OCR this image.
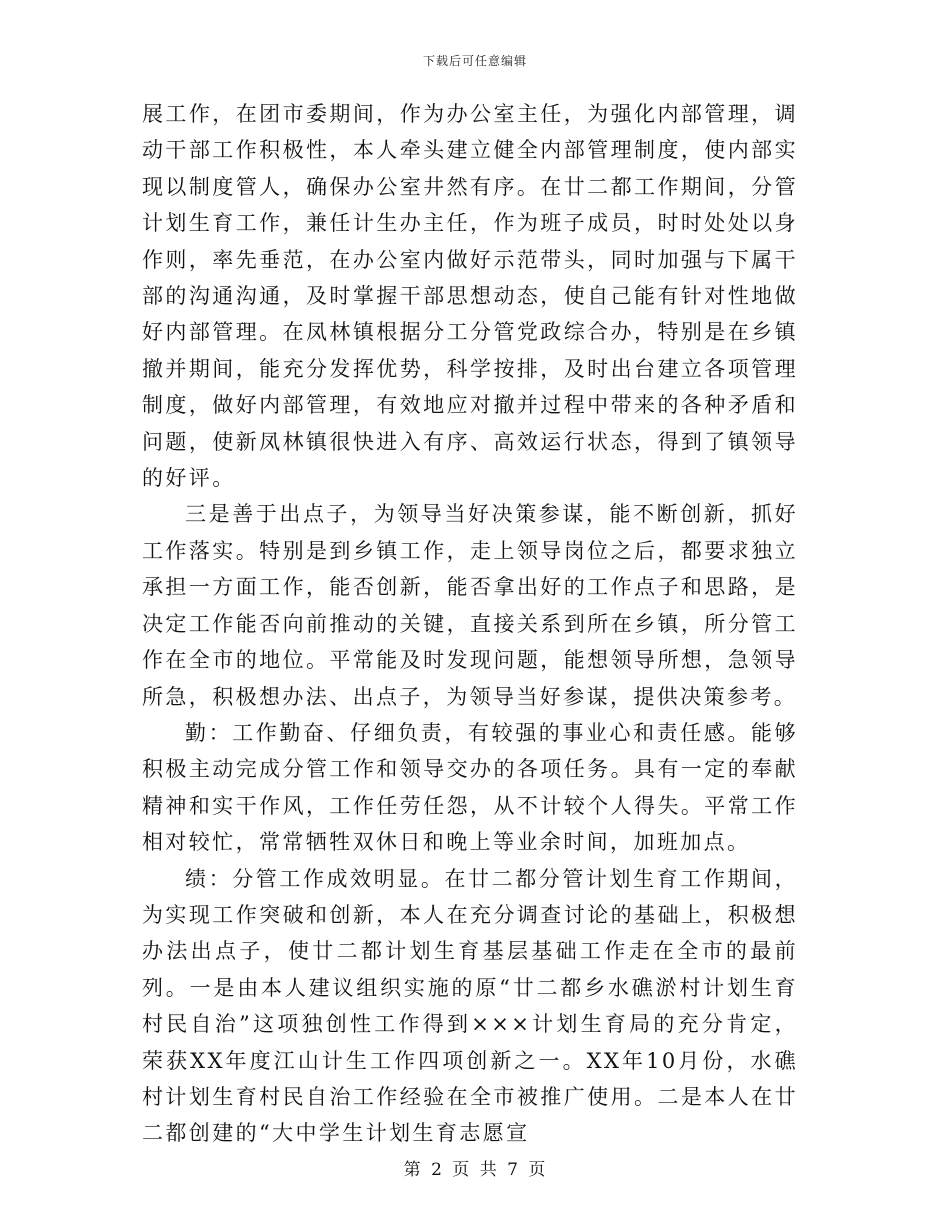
下载后可任意编辑

展工作，在团市委期间，作为办公室主任，为强化内部管理，调动干部工作积极性，本人牵头建立健全内部管理制度，使内部实现以制度管人，确保办公室井然有序。在廿二都工作期间，分管计划生育工作，兼任计生办主任，作为班子成员，时时处处以身作则，率先垂范，在办公室内做好示范带头，同时加强与下属干部的沟通沟通，及时掌握干部思想动态，使自己能有针对性地做好内部管理。在凤林镇根据分工分管党政综合办，特别是在乡镇撤并期间，能充分发挥优势，科学按排，及时出台建立各项管理制度，做好内部管理，有效地应对撤并过程中带来的各种矛盾和问题，使新凤林镇很快进入有序、高效运行状态，得到了镇领导的好评。

三是善于出点子，为领导当好决策参谋，能不断创新，抓好工作落实。特别是到乡镇工作，走上领导岗位之后，都要求独立承担一方面工作，能否创新，能否拿出好的工作点子和思路，是决定工作能否向前推动的关键，直接关系到所在乡镇，所分管工作在全市的地位。平常能及时发现问题，能想领导所想，急领导所急，积极想办法、出点子，为领导当好参谋，提供决策参考。

勤：工作勤奋、仔细负责，有较强的事业心和责任感。能够积极主动完成分管工作和领导交办的各项任务。具有一定的奉献精神和实干作风，工作任劳任怨，从不计较个人得失。平常工作相对较忙，常常牺牲双休日和晚上等业余时间，加班加点。

绩：分管工作成效明显。在廿二都分管计划生育工作期间，为实现工作突破和创新，本人在充分调查讨论的基础上，积极想办法出点子，使廿二都计划生育基层基础工作走在全市的最前列。一是由本人建议组织实施的原“廿二都乡水礁淤村计划生育村民自治”这项独创性工作得到×××计划生育局的充分肯定，荣获XX年度江山计生工作四项创新之一。XX年10月份，水礁村计划生育村民自治工作经验在全市被推广使用。二是本人在廿二都创建的“大中学生计划生育志愿宣

第 2 页 共 7 页
